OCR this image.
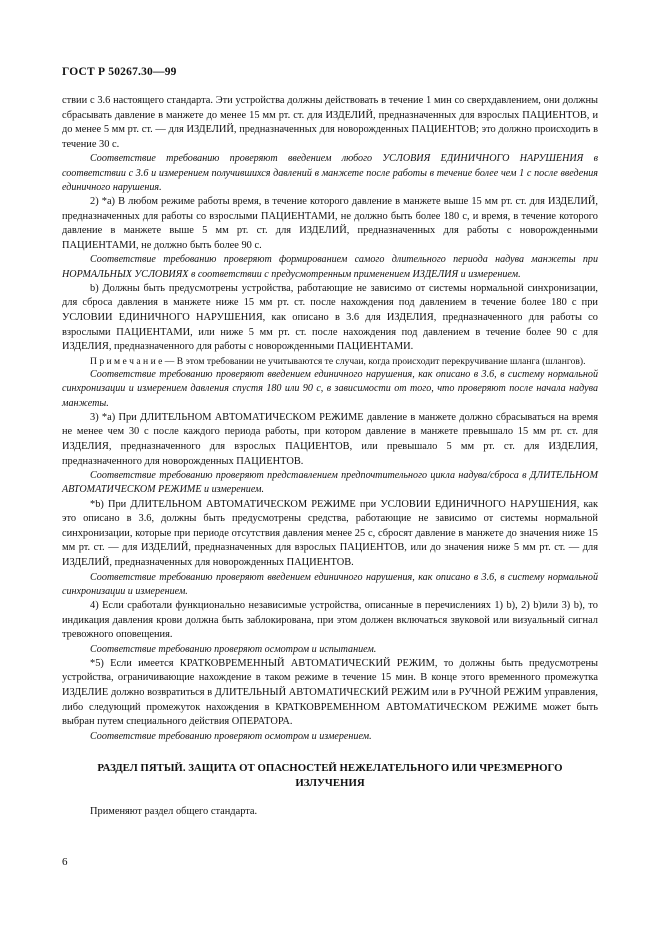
ГОСТ Р 50267.30—99

ствии с 3.6 настоящего стандарта. Эти устройства должны действовать в течение 1 мин со сверхдавлением, они должны сбрасывать давление в манжете до менее 15 мм рт. ст. для ИЗДЕЛИЙ, предназначенных для взрослых ПАЦИЕНТОВ, и до менее 5 мм рт. ст. — для ИЗДЕЛИЙ, предназначенных для новорожденных ПАЦИЕНТОВ; это должно происходить в течение 30 с.

Соответствие требованию проверяют введением любого УСЛОВИЯ ЕДИНИЧНОГО НАРУШЕНИЯ в соответствии с 3.6 и измерением получившихся давлений в манжете после работы в течение более чем 1 с после введения единичного нарушения.

2) *а) В любом режиме работы время, в течение которого давление в манжете выше 15 мм рт. ст. для ИЗДЕЛИЙ, предназначенных для работы со взрослыми ПАЦИЕНТАМИ, не должно быть более 180 с, и время, в течение которого давление в манжете выше 5 мм рт. ст. для ИЗДЕЛИЙ, предназначенных для работы с новорожденными ПАЦИЕНТАМИ, не должно быть более 90 с.

Соответствие требованию проверяют формированием самого длительного периода надува манжеты при НОРМАЛЬНЫХ УСЛОВИЯХ в соответствии с предусмотренным применением ИЗДЕЛИЯ и измерением.

b) Должны быть предусмотрены устройства, работающие не зависимо от системы нормальной синхронизации, для сброса давления в манжете ниже 15 мм рт. ст. после нахождения под давлением в течение более 180 с при УСЛОВИИ ЕДИНИЧНОГО НАРУШЕНИЯ, как описано в 3.6 для ИЗДЕЛИЯ, предназначенного для работы со взрослыми ПАЦИЕНТАМИ, или ниже 5 мм рт. ст. после нахождения под давлением в течение более 90 с для ИЗДЕЛИЯ, предназначенного для работы с новорожденными ПАЦИЕНТАМИ.

П р и м е ч а н и е — В этом требовании не учитываются те случаи, когда происходит перекручивание шланга (шлангов).

Соответствие требованию проверяют введением единичного нарушения, как описано в 3.6, в систему нормальной синхронизации и измерением давления спустя 180 или 90 с, в зависимости от того, что проверяют после начала надува манжеты.

3) *а) При ДЛИТЕЛЬНОМ АВТОМАТИЧЕСКОМ РЕЖИМЕ давление в манжете должно сбрасываться на время не менее чем 30 с после каждого периода работы, при котором давление в манжете превышало 15 мм рт. ст. для ИЗДЕЛИЯ, предназначенного для взрослых ПАЦИЕНТОВ, или превышало 5 мм рт. ст. для ИЗДЕЛИЯ, предназначенного для новорожденных ПАЦИЕНТОВ.

Соответствие требованию проверяют представлением предпочтительного цикла надува/сброса в ДЛИТЕЛЬНОМ АВТОМАТИЧЕСКОМ РЕЖИМЕ и измерением.

*b) При ДЛИТЕЛЬНОМ АВТОМАТИЧЕСКОМ РЕЖИМЕ при УСЛОВИИ ЕДИНИЧНОГО НАРУШЕНИЯ, как это описано в 3.6, должны быть предусмотрены средства, работающие не зависимо от системы нормальной синхронизации, которые при периоде отсутствия давления менее 25 с, сбросят давление в манжете до значения ниже 15 мм рт. ст. — для ИЗДЕЛИЙ, предназначенных для взрослых ПАЦИЕНТОВ, или до значения ниже 5 мм рт. ст. — для ИЗДЕЛИЙ, предназначенных для новорожденных ПАЦИЕНТОВ.

Соответствие требованию проверяют введением единичного нарушения, как описано в 3.6, в систему нормальной синхронизации и измерением.

4) Если сработали функционально независимые устройства, описанные в перечислениях 1) b), 2) b)или 3) b), то индикация давления крови должна быть заблокирована, при этом должен включаться звуковой или визуальный сигнал тревожного оповещения.

Соответствие требованию проверяют осмотром и испытанием.

*5) Если имеется КРАТКОВРЕМЕННЫЙ АВТОМАТИЧЕСКИЙ РЕЖИМ, то должны быть предусмотрены устройства, ограничивающие нахождение в таком режиме в течение 15 мин. В конце этого временного промежутка ИЗДЕЛИЕ должно возвратиться в ДЛИТЕЛЬНЫЙ АВТОМАТИЧЕСКИЙ РЕЖИМ или в РУЧНОЙ РЕЖИМ управления, либо следующий промежуток нахождения в КРАТКОВРЕМЕННОМ АВТОМАТИЧЕСКОМ РЕЖИМЕ может быть выбран путем специального действия ОПЕРАТОРА.

Соответствие требованию проверяют осмотром и измерением.

РАЗДЕЛ ПЯТЫЙ. ЗАЩИТА ОТ ОПАСНОСТЕЙ НЕЖЕЛАТЕЛЬНОГО ИЛИ ЧРЕЗМЕРНОГО ИЗЛУЧЕНИЯ

Применяют раздел общего стандарта.

6
